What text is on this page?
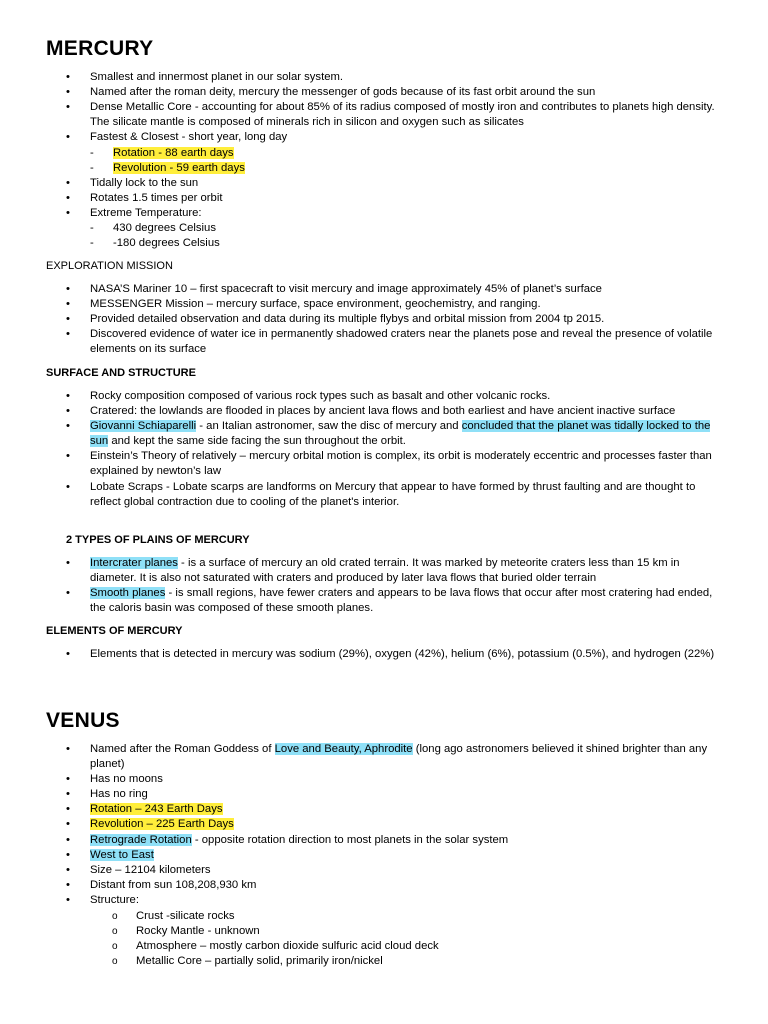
MERCURY
• Smallest and innermost planet in our solar system.
• Named after the roman deity, mercury the messenger of gods because of its fast orbit around the sun
• Dense Metallic Core - accounting for about 85% of its radius composed of mostly iron and contributes to planets high density. The silicate mantle is composed of minerals rich in silicon and oxygen such as silicates
• Fastest & Closest - short year, long day
- Rotation - 88 earth days
- Revolution - 59 earth days
• Tidally lock to the sun
• Rotates 1.5 times per orbit
• Extreme Temperature:
- 430 degrees Celsius
- -180 degrees Celsius

EXPLORATION MISSION

• NASA’S Mariner 10 – first spacecraft to visit mercury and image approximately 45% of planet’s surface
• MESSENGER Mission – mercury surface, space environment, geochemistry, and ranging.
• Provided detailed observation and data during its multiple flybys and orbital mission from 2004 tp 2015.
• Discovered evidence of water ice in permanently shadowed craters near the planets pose and reveal the presence of volatile elements on its surface

SURFACE AND STRUCTURE

• Rocky composition composed of various rock types such as basalt and other volcanic rocks.
• Cratered: the lowlands are flooded in places by ancient lava flows and both earliest and have ancient inactive surface
• Giovanni Schiaparelli - an Italian astronomer, saw the disc of mercury and concluded that the planet was tidally locked to the sun and kept the same side facing the sun throughout the orbit.
• Einstein’s Theory of relatively – mercury orbital motion is complex, its orbit is moderately eccentric and processes faster than explained by newton’s law
• Lobate Scraps - Lobate scarps are landforms on Mercury that appear to have formed by thrust faulting and are thought to reflect global contraction due to cooling of the planet's interior.

2 TYPES OF PLAINS OF MERCURY

• Intercrater planes - is a surface of mercury an old crated terrain. It was marked by meteorite craters less than 15 km in diameter. It is also not saturated with craters and produced by later lava flows that buried older terrain
• Smooth planes - is small regions, have fewer craters and appears to be lava flows that occur after most cratering had ended, the caloris basin was composed of these smooth planes.

ELEMENTS OF MERCURY

• Elements that is detected in mercury was sodium (29%), oxygen (42%), helium (6%), potassium (0.5%), and hydrogen (22%)
VENUS
• Named after the Roman Goddess of Love and Beauty, Aphrodite (long ago astronomers believed it shined brighter than any planet)
• Has no moons
• Has no ring
• Rotation – 243 Earth Days
• Revolution – 225 Earth Days
• Retrograde Rotation - opposite rotation direction to most planets in the solar system
• West to East
• Size – 12104 kilometers
• Distant from sun 108,208,930 km
• Structure:
o Crust -silicate rocks
o Rocky Mantle - unknown
o Atmosphere – mostly carbon dioxide sulfuric acid cloud deck
o Metallic Core – partially solid, primarily iron/nickel
